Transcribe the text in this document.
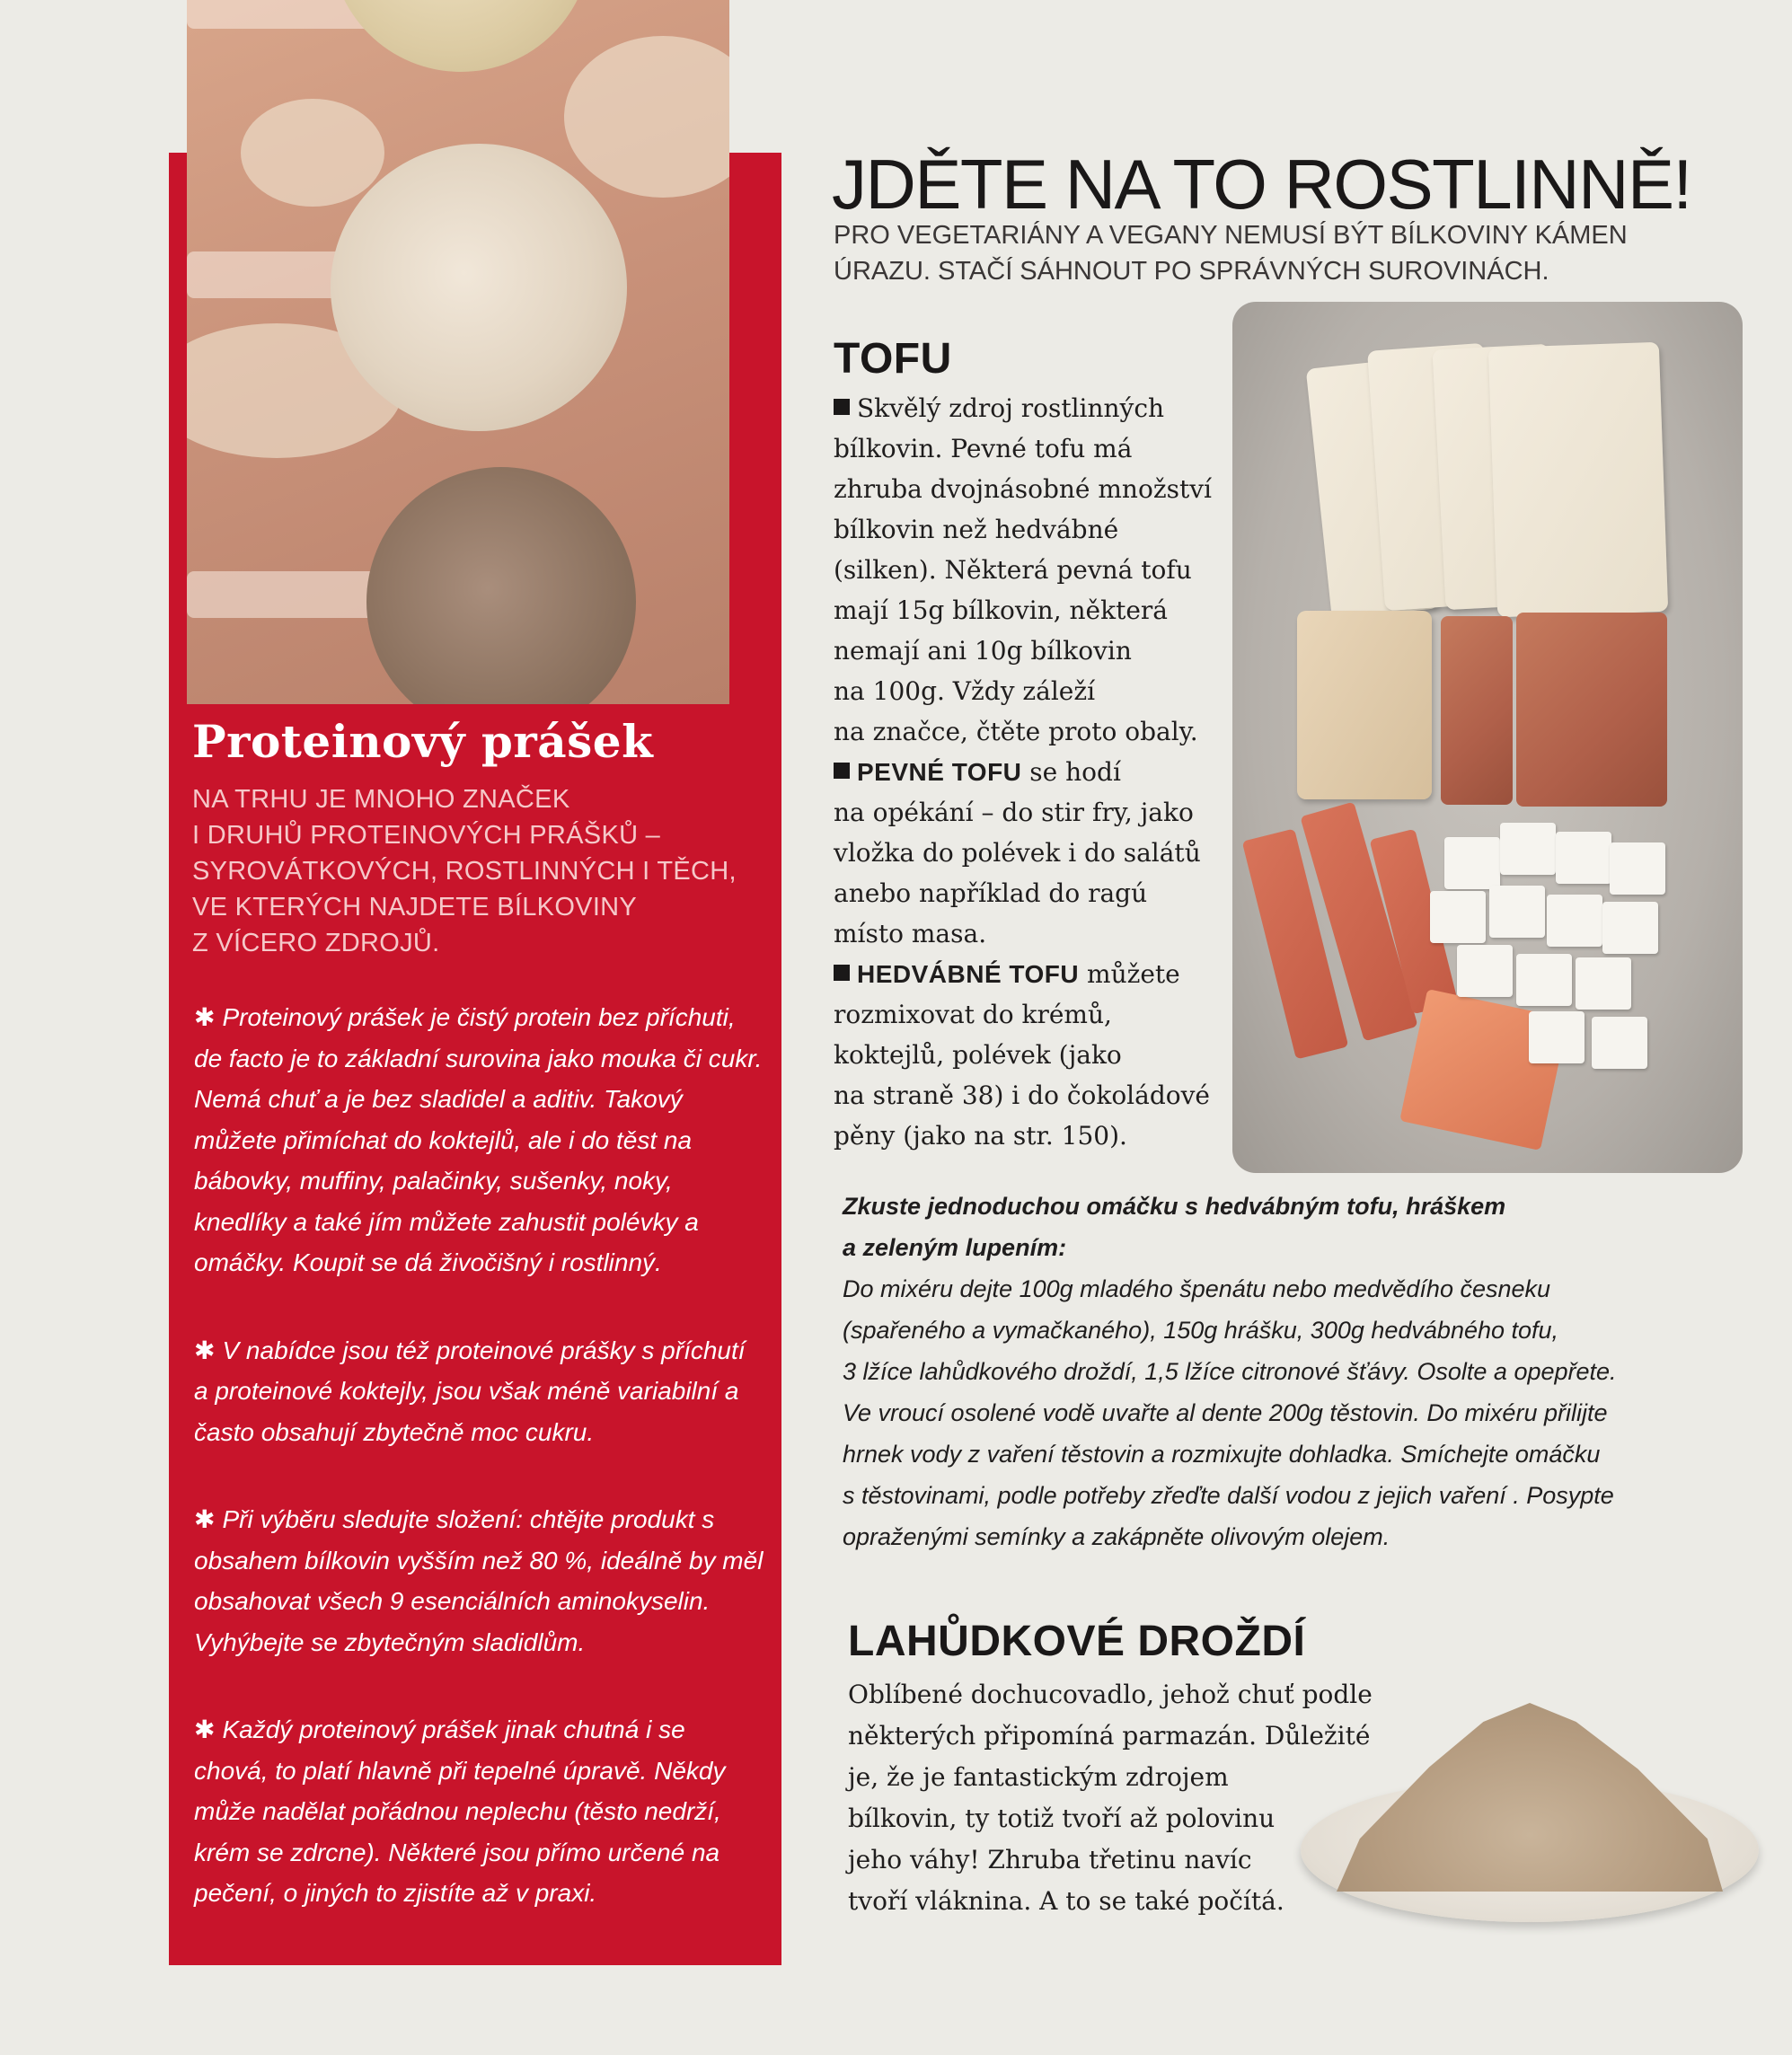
Proteinový prášek
NA TRHU JE MNOHO ZNAČEK
I DRUHŮ PROTEINOVÝCH PRÁŠKŮ –
SYROVÁTKOVÝCH, ROSTLINNÝCH I TĚCH,
VE KTERÝCH NAJDETE BÍLKOVINY
Z VÍCERO ZDROJŮ.

✱ Proteinový prášek je čistý protein bez příchuti, de facto je to základní surovina jako mouka či cukr. Nemá chuť a je bez sladidel a aditiv. Takový můžete přimíchat do koktejlů, ale i do těst na bábovky, muffiny, palačinky, sušenky, noky, knedlíky a také jím můžete zahustit polévky a omáčky. Koupit se dá živočišný i rostlinný.

✱ V nabídce jsou též proteinové prášky s příchutí a proteinové koktejly, jsou však méně variabilní a často obsahují zbytečně moc cukru.

✱ Při výběru sledujte složení: chtějte produkt s obsahem bílkovin vyšším než 80 %, ideálně by měl obsahovat všech 9 esenciálních aminokyselin. Vyhýbejte se zbytečným sladidlům.

✱ Každý proteinový prášek jinak chutná i se chová, to platí hlavně při tepelné úpravě. Někdy může nadělat pořádnou neplechu (těsto nedrží, krém se zdrcne). Některé jsou přímo určené na pečení, o jiných to zjistíte až v praxi.

JDĚTE NA TO ROSTLINNĚ!
PRO VEGETARIÁNY A VEGANY NEMUSÍ BÝT BÍLKOVINY KÁMEN
ÚRAZU. STAČÍ SÁHNOUT PO SPRÁVNÝCH SUROVINÁCH.
TOFU
Skvělý zdroj rostlinných
bílkovin. Pevné tofu má
zhruba dvojnásobné množství
bílkovin než hedvábné
(silken). Některá pevná tofu
mají 15g bílkovin, některá
nemají ani 10g bílkovin
na 100g. Vždy záleží
na značce, čtěte proto obaly.
PEVNÉ TOFU se hodí
na opékání – do stir fry, jako
vložka do polévek i do salátů
anebo například do ragú
místo masa.
HEDVÁBNÉ TOFU můžete
rozmixovat do krémů,
koktejlů, polévek (jako
na straně 38) i do čokoládové
pěny (jako na str. 150).
Zkuste jednoduchou omáčku s hedvábným tofu, hráškem
a zeleným lupením:
Do mixéru dejte 100g mladého špenátu nebo medvědího česneku
(spařeného a vymačkaného), 150g hrášku, 300g hedvábného tofu,
3 lžíce lahůdkového droždí, 1,5 lžíce citronové šťávy. Osolte a opepřete.
Ve vroucí osolené vodě uvařte al dente 200g těstovin. Do mixéru přilijte
hrnek vody z vaření těstovin a rozmixujte dohladka. Smíchejte omáčku
s těstovinami, podle potřeby zřeďte další vodou z jejich vaření . Posypte
opraženými semínky a zakápněte olivovým olejem.
LAHŮDKOVÉ DROŽDÍ
Oblíbené dochucovadlo, jehož chuť podle
některých připomíná parmazán. Důležité
je, že je fantastickým zdrojem
bílkovin, ty totiž tvoří až polovinu
jeho váhy! Zhruba třetinu navíc
tvoří vláknina. A to se také počítá.
